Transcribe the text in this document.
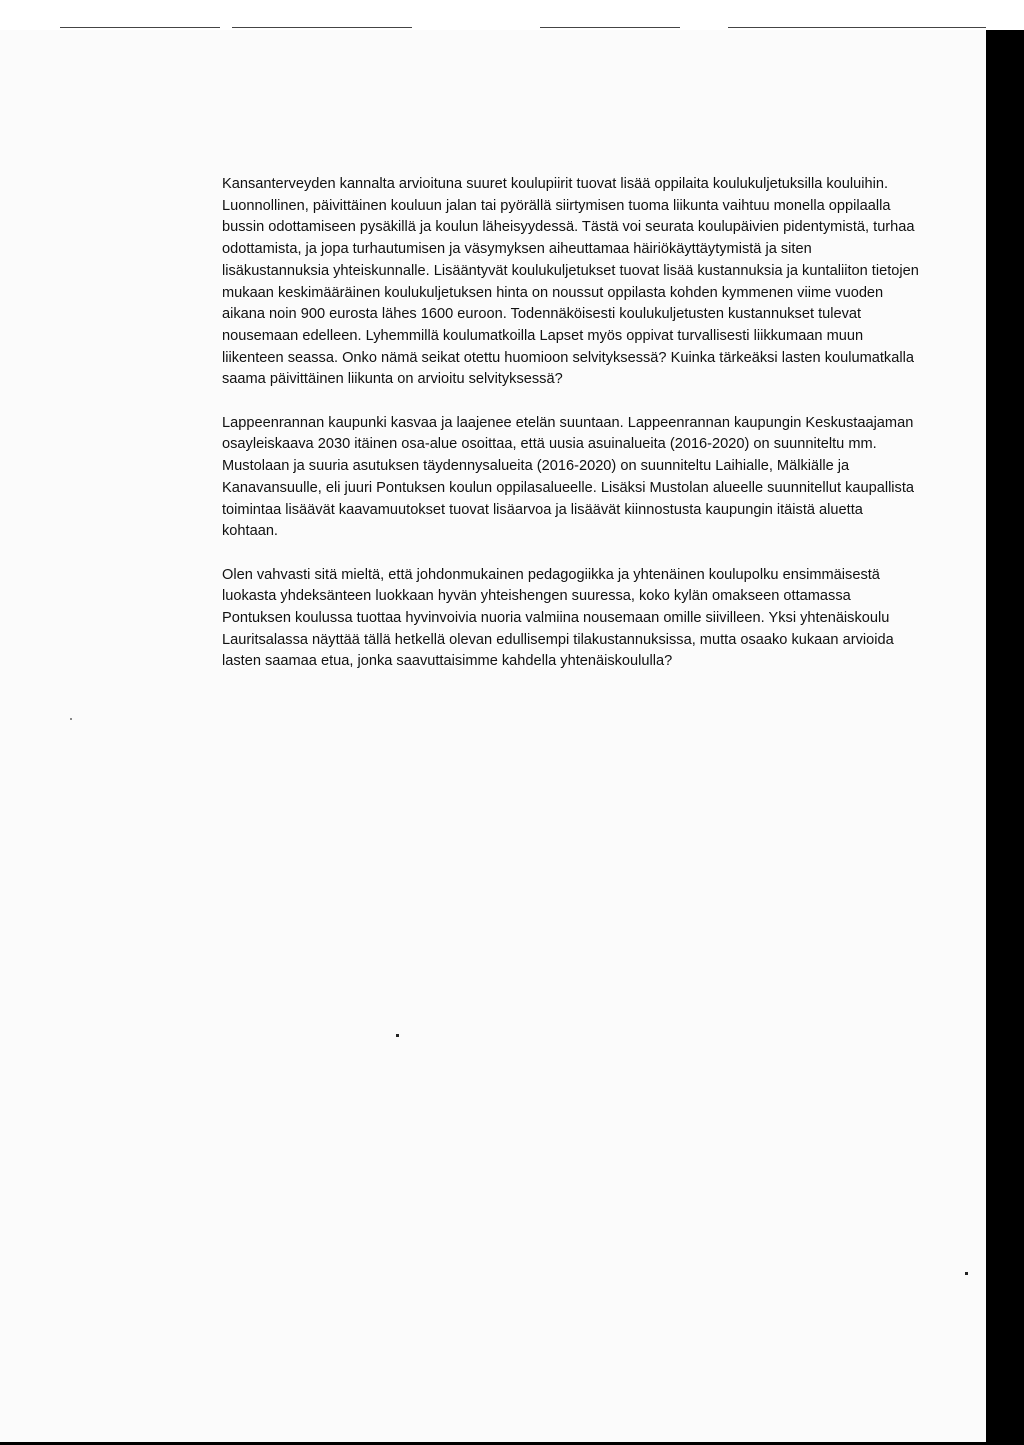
Kansanterveyden kannalta arvioituna suuret koulupiirit tuovat lisää oppilaita koulukuljetuksilla kouluihin. Luonnollinen, päivittäinen kouluun jalan tai pyörällä siirtymisen tuoma liikunta vaihtuu monella oppilaalla bussin odottamiseen pysäkillä ja koulun läheisyydessä. Tästä voi seurata koulupäivien pidentymistä, turhaa odottamista, ja jopa turhautumisen ja väsymyksen aiheuttamaa häiriökäyttäytymistä ja siten lisäkustannuksia yhteiskunnalle. Lisääntyvät koulukuljetukset tuovat lisää kustannuksia ja kuntaliiton tietojen mukaan keskimääräinen koulukuljetuksen hinta on noussut oppilasta kohden kymmenen viime vuoden aikana noin 900 eurosta lähes 1600 euroon. Todennäköisesti koulukuljetusten kustannukset tulevat nousemaan edelleen. Lyhemmillä koulumatkoilla Lapset myös oppivat turvallisesti liikkumaan muun liikenteen seassa. Onko nämä seikat otettu huomioon selvityksessä? Kuinka tärkeäksi lasten koulumatkalla saama päivittäinen liikunta on arvioitu selvityksessä?

Lappeenrannan kaupunki kasvaa ja laajenee etelän suuntaan. Lappeenrannan kaupungin Keskustaajaman osayleiskaava 2030 itäinen osa-alue osoittaa, että uusia asuinalueita (2016-2020) on suunniteltu mm. Mustolaan ja suuria asutuksen täydennysalueita (2016-2020) on suunniteltu Laihialle, Mälkiälle ja Kanavansuulle, eli juuri Pontuksen koulun oppilasalueelle. Lisäksi Mustolan alueelle suunnitellut kaupallista toimintaa lisäävät kaavamuutokset tuovat lisäarvoa ja lisäävät kiinnostusta kaupungin itäistä aluetta kohtaan.

Olen vahvasti sitä mieltä, että johdonmukainen pedagogiikka ja yhtenäinen koulupolku ensimmäisestä luokasta yhdeksänteen luokkaan hyvän yhteishengen suuressa, koko kylän omakseen ottamassa Pontuksen koulussa tuottaa hyvinvoivia nuoria valmiina nousemaan omille siivilleen. Yksi yhtenäiskoulu Lauritsalassa näyttää tällä hetkellä olevan edullisempi tilakustannuksissa, mutta osaako kukaan arvioida lasten saamaa etua, jonka saavuttaisimme kahdella yhtenäiskoululla?
